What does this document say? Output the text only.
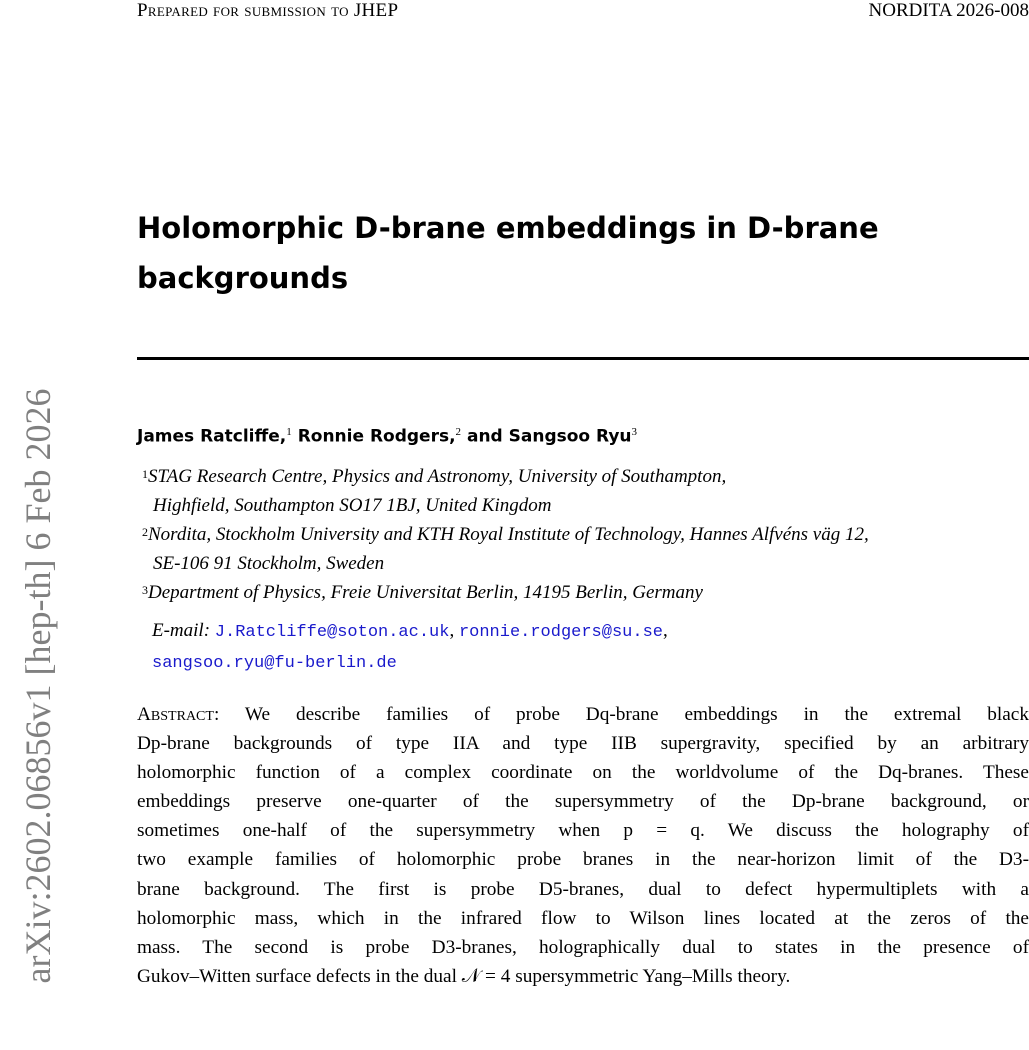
Prepared for submission to JHEP	NORDITA 2026-008
arXiv:2602.06856v1 [hep-th] 6 Feb 2026
Holomorphic D-brane embeddings in D-brane backgrounds
James Ratcliffe,$^1$ Ronnie Rodgers,$^2$ and Sangsoo Ryu$^3$
$^1$STAG Research Centre, Physics and Astronomy, University of Southampton,
Highfield, Southampton SO17 1BJ, United Kingdom
$^2$Nordita, Stockholm University and KTH Royal Institute of Technology, Hannes Alfvéns väg 12,
SE-106 91 Stockholm, Sweden
$^3$Department of Physics, Freie Universitat Berlin, 14195 Berlin, Germany
E-mail: J.Ratcliffe@soton.ac.uk, ronnie.rodgers@su.se,
sangsoo.ryu@fu-berlin.de
Abstract: We describe families of probe Dq-brane embeddings in the extremal black
Dp-brane backgrounds of type IIA and type IIB supergravity, specified by an arbitrary
holomorphic function of a complex coordinate on the worldvolume of the Dq-branes. These
embeddings preserve one-quarter of the supersymmetry of the Dp-brane background, or
sometimes one-half of the supersymmetry when p = q. We discuss the holography of
two example families of holomorphic probe branes in the near-horizon limit of the D3-
brane background. The first is probe D5-branes, dual to defect hypermultiplets with a
holomorphic mass, which in the infrared flow to Wilson lines located at the zeros of the
mass. The second is probe D3-branes, holographically dual to states in the presence of
Gukov–Witten surface defects in the dual 𝒩 = 4 supersymmetric Yang–Mills theory.
